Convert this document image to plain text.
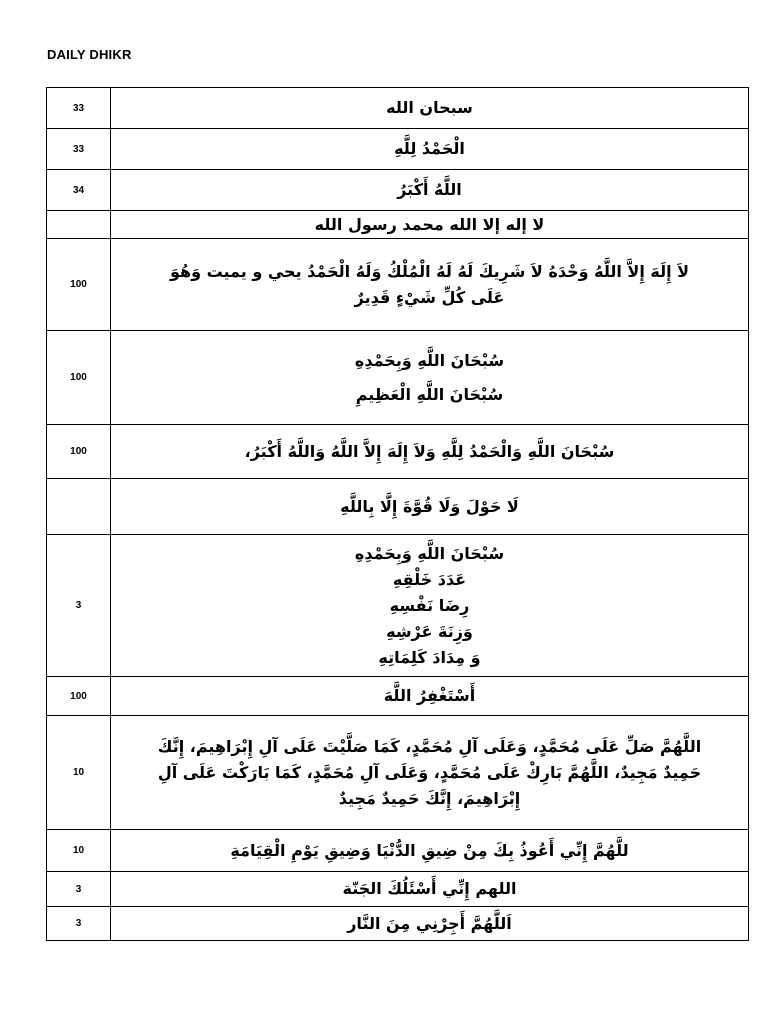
DAILY DHIKR
33	سبحان الله

33	الْحَمْدُ لِلَّهِ

34	اللَّهُ أَكْبَرُ

	لا إله إلا الله محمد رسول الله

100	لاَ إِلَهَ إِلاَّ اللَّهُ وَحْدَهُ لاَ شَرِيكَ لَهُ لَهُ الْمُلْكُ وَلَهُ الْحَمْدُ يحي و يميت وَهُوَ
عَلَى كُلِّ شَيْءٍ قَدِيرٌ

100	سُبْحَانَ اللَّهِ وَبِحَمْدِهِ
سُبْحَانَ اللَّهِ الْعَظِيمِ

100	سُبْحَانَ اللَّهِ وَالْحَمْدُ لِلَّهِ وَلاَ إِلَهَ إِلاَّ اللَّهُ وَاللَّهُ أَكْبَرُ،

	لَا حَوْلَ وَلَا قُوَّةَ إِلَّا بِاللَّهِ

3	سُبْحَانَ اللَّهِ وَبِحَمْدِهِ
عَدَدَ خَلْقِهِ
رِضَا نَفْسِهِ
وَزِنَةَ عَرْشِهِ
وَ مِدَادَ كَلِمَاتِهِ

100	أَسْتَغْفِرُ اللَّهَ

10	اللَّهُمَّ صَلِّ عَلَى مُحَمَّدٍ، وَعَلَى آلِ مُحَمَّدٍ، كَمَا صَلَّيْتَ عَلَى آلِ إِبْرَاهِيمَ، إِنَّكَ
حَمِيدٌ مَجِيدٌ، اللَّهُمَّ بَارِكْ عَلَى مُحَمَّدٍ، وَعَلَى آلِ مُحَمَّدٍ، كَمَا بَارَكْتَ عَلَى آلِ
إِبْرَاهِيمَ، إِنَّكَ حَمِيدٌ مَجِيدٌ

10	للَّهُمَّ إِنِّي أَعُوذُ بِكَ مِنْ ضِيقِ الدُّنْيَا وَضِيقِ يَوْمِ الْقِيَامَةِ

3	اللهم إِنِّي أَسْئَلُكَ الجَنّة

3	اَللَّهُمَّ أَجِرْنِي مِنَ النَّار
